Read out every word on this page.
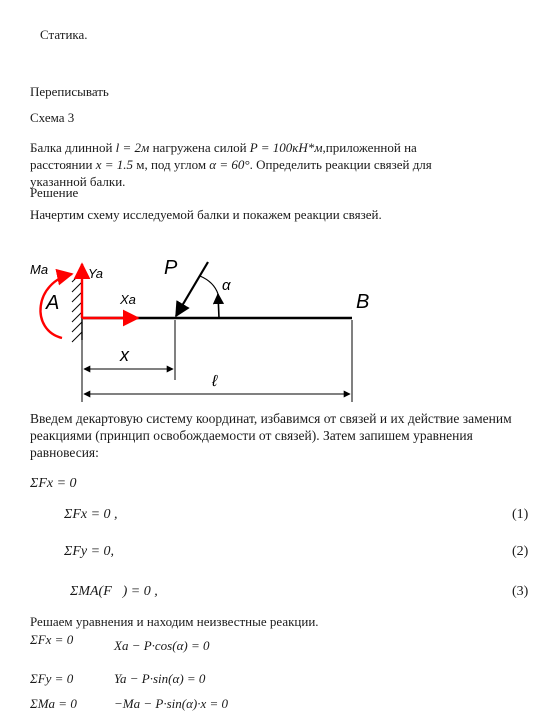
Статика.
Переписывать
Схема 3
Балка длинной l = 2м нагружена силой P = 100кН*м,приложенной на
расстоянии x = 1.5 м, под углом α = 60°. Определить реакции связей для
указанной балки.
Решение
Начертим схему исследуемой балки и покажем реакции связей.
Ma	Ya
Xa
A
P
α
B
x
ℓ
Введем декартовую систему координат, избавимся от связей и их действие заменим реакциями (принцип освобождаемости от связей). Затем запишем уравнения равновесия:
ΣFx = 0
ΣFx = 0 ,	(1)
ΣFy = 0,	(2)
ΣMA(F⃗) = 0 ,	(3)
Решаем уравнения и находим неизвестные реакции.
ΣFx = 0	Xa − P·cos(α) = 0
ΣFy = 0	Ya − P·sin(α) = 0
ΣMa = 0	−Ma − P·sin(α)·x = 0
